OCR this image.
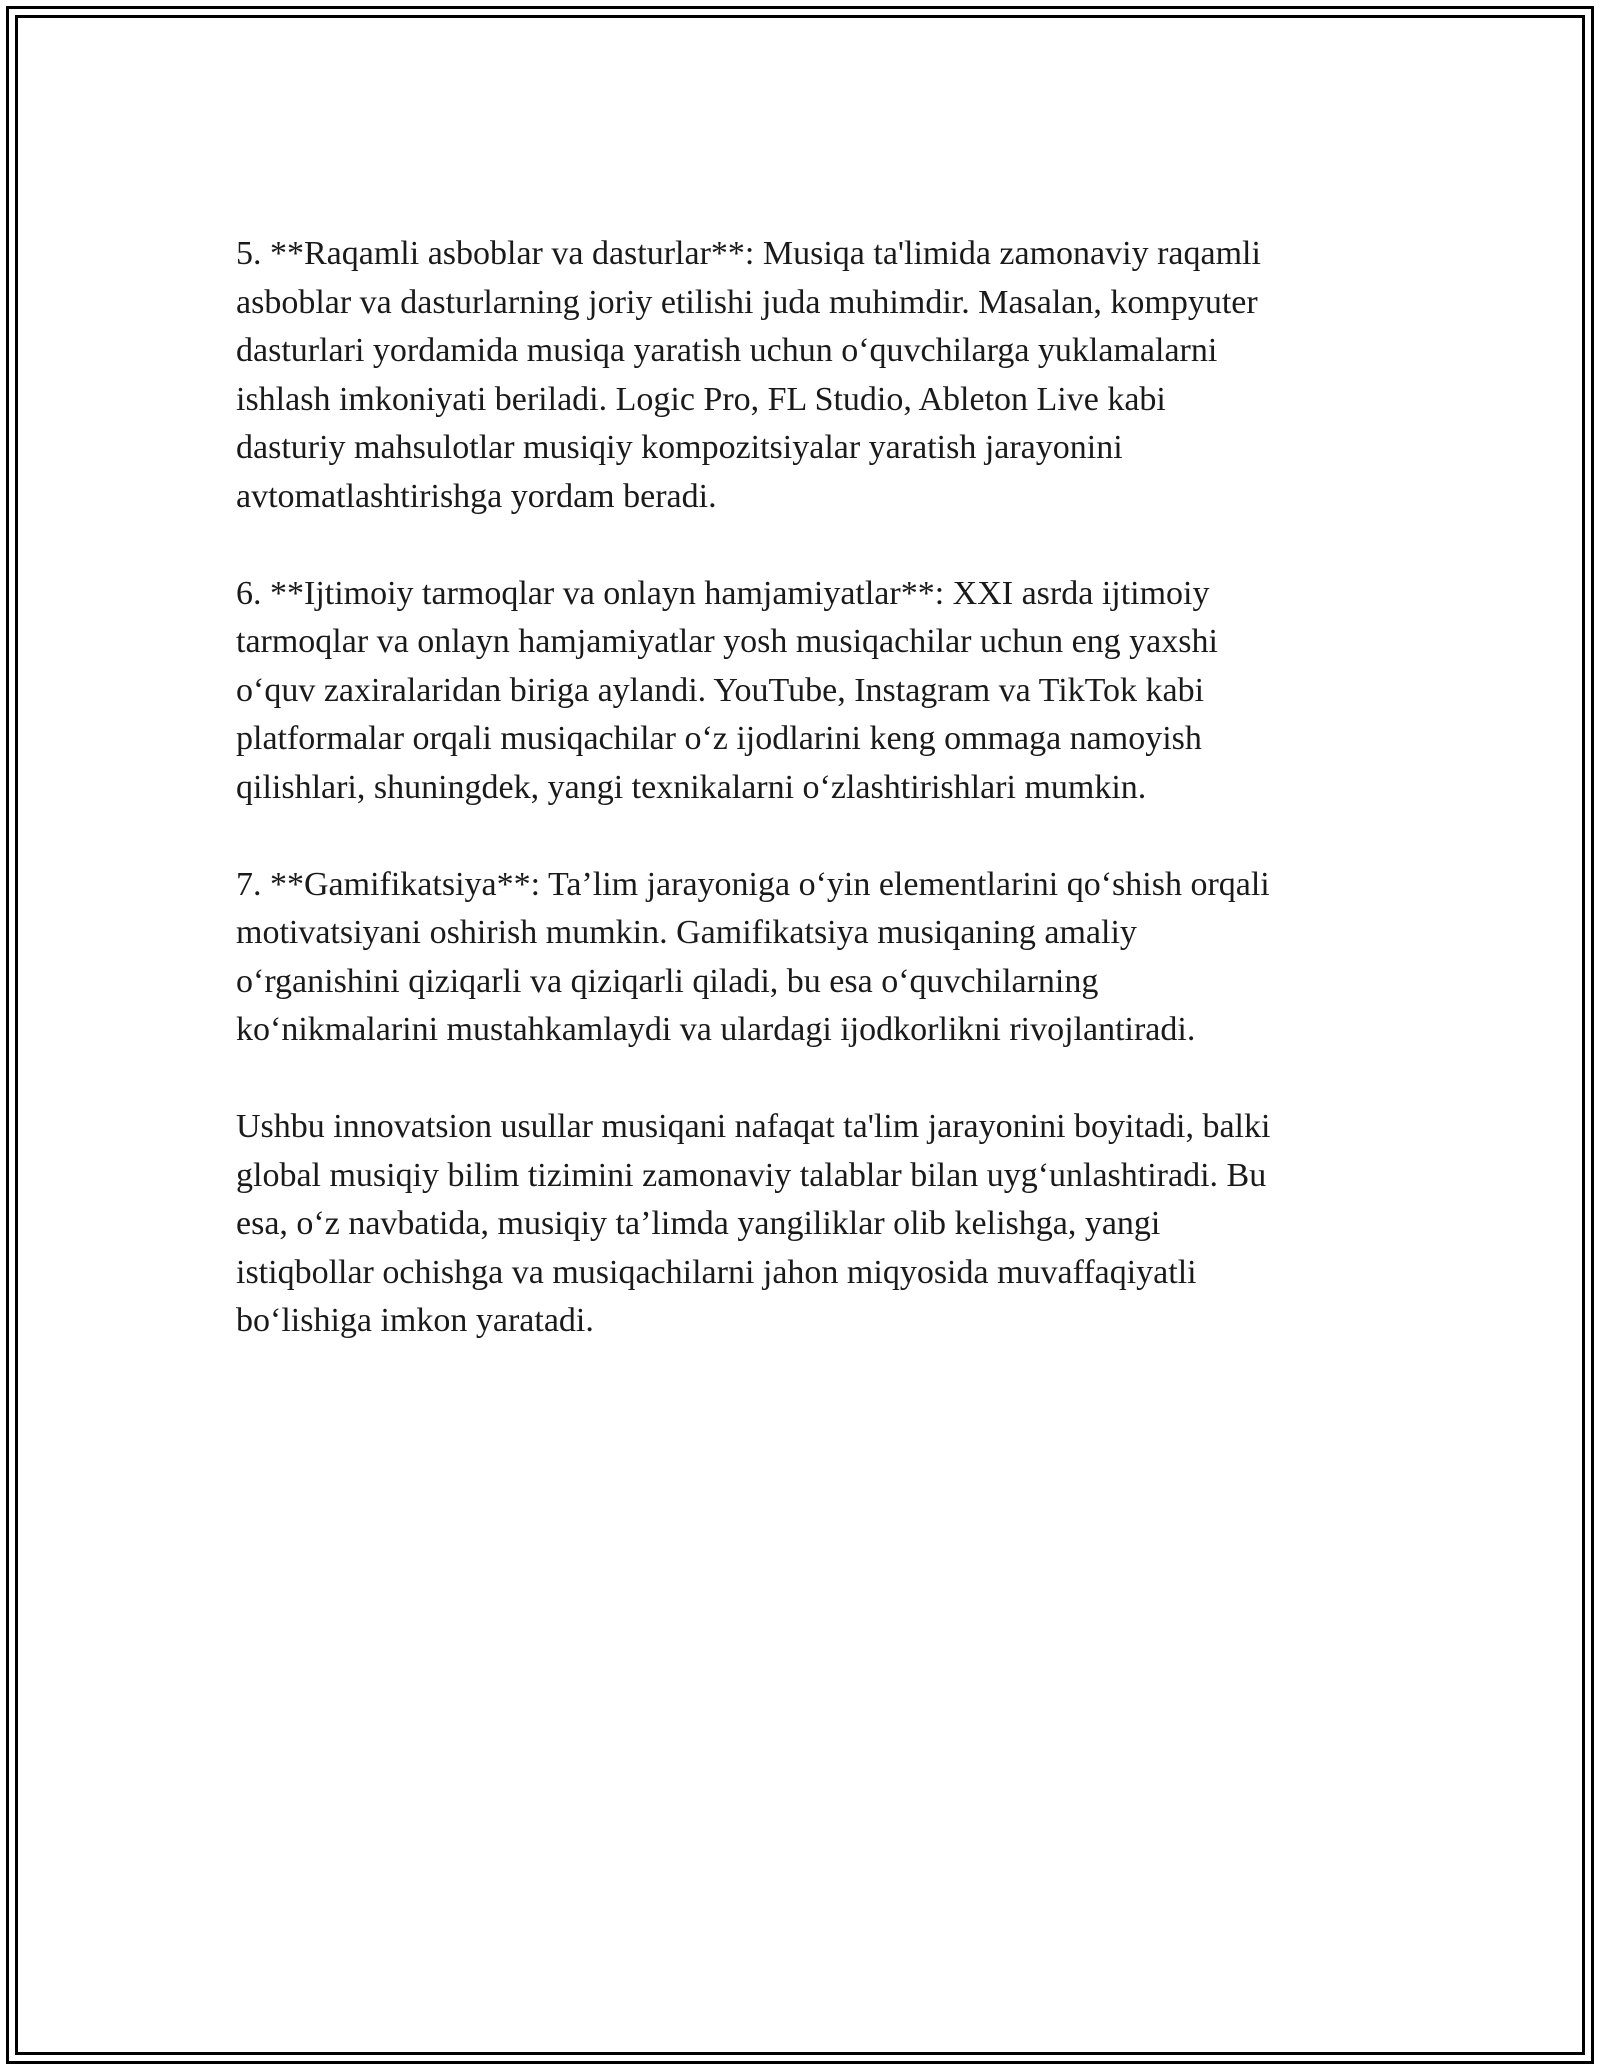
5. **Raqamli asboblar va dasturlar**: Musiqa ta'limida zamonaviy raqamli
asboblar va dasturlarning joriy etilishi juda muhimdir. Masalan, kompyuter
dasturlari yordamida musiqa yaratish uchun o‘quvchilarga yuklamalarni
ishlash imkoniyati beriladi. Logic Pro, FL Studio, Ableton Live kabi
dasturiy mahsulotlar musiqiy kompozitsiyalar yaratish jarayonini
avtomatlashtirishga yordam beradi.

6. **Ijtimoiy tarmoqlar va onlayn hamjamiyatlar**: XXI asrda ijtimoiy
tarmoqlar va onlayn hamjamiyatlar yosh musiqachilar uchun eng yaxshi
o‘quv zaxiralaridan biriga aylandi. YouTube, Instagram va TikTok kabi
platformalar orqali musiqachilar o‘z ijodlarini keng ommaga namoyish
qilishlari, shuningdek, yangi texnikalarni o‘zlashtirishlari mumkin.

7. **Gamifikatsiya**: Ta’lim jarayoniga o‘yin elementlarini qo‘shish orqali
motivatsiyani oshirish mumkin. Gamifikatsiya musiqaning amaliy
o‘rganishini qiziqarli va qiziqarli qiladi, bu esa o‘quvchilarning
ko‘nikmalarini mustahkamlaydi va ulardagi ijodkorlikni rivojlantiradi.

Ushbu innovatsion usullar musiqani nafaqat ta'lim jarayonini boyitadi, balki
global musiqiy bilim tizimini zamonaviy talablar bilan uyg‘unlashtiradi. Bu
esa, o‘z navbatida, musiqiy ta’limda yangiliklar olib kelishga, yangi
istiqbollar ochishga va musiqachilarni jahon miqyosida muvaffaqiyatli
bo‘lishiga imkon yaratadi.
